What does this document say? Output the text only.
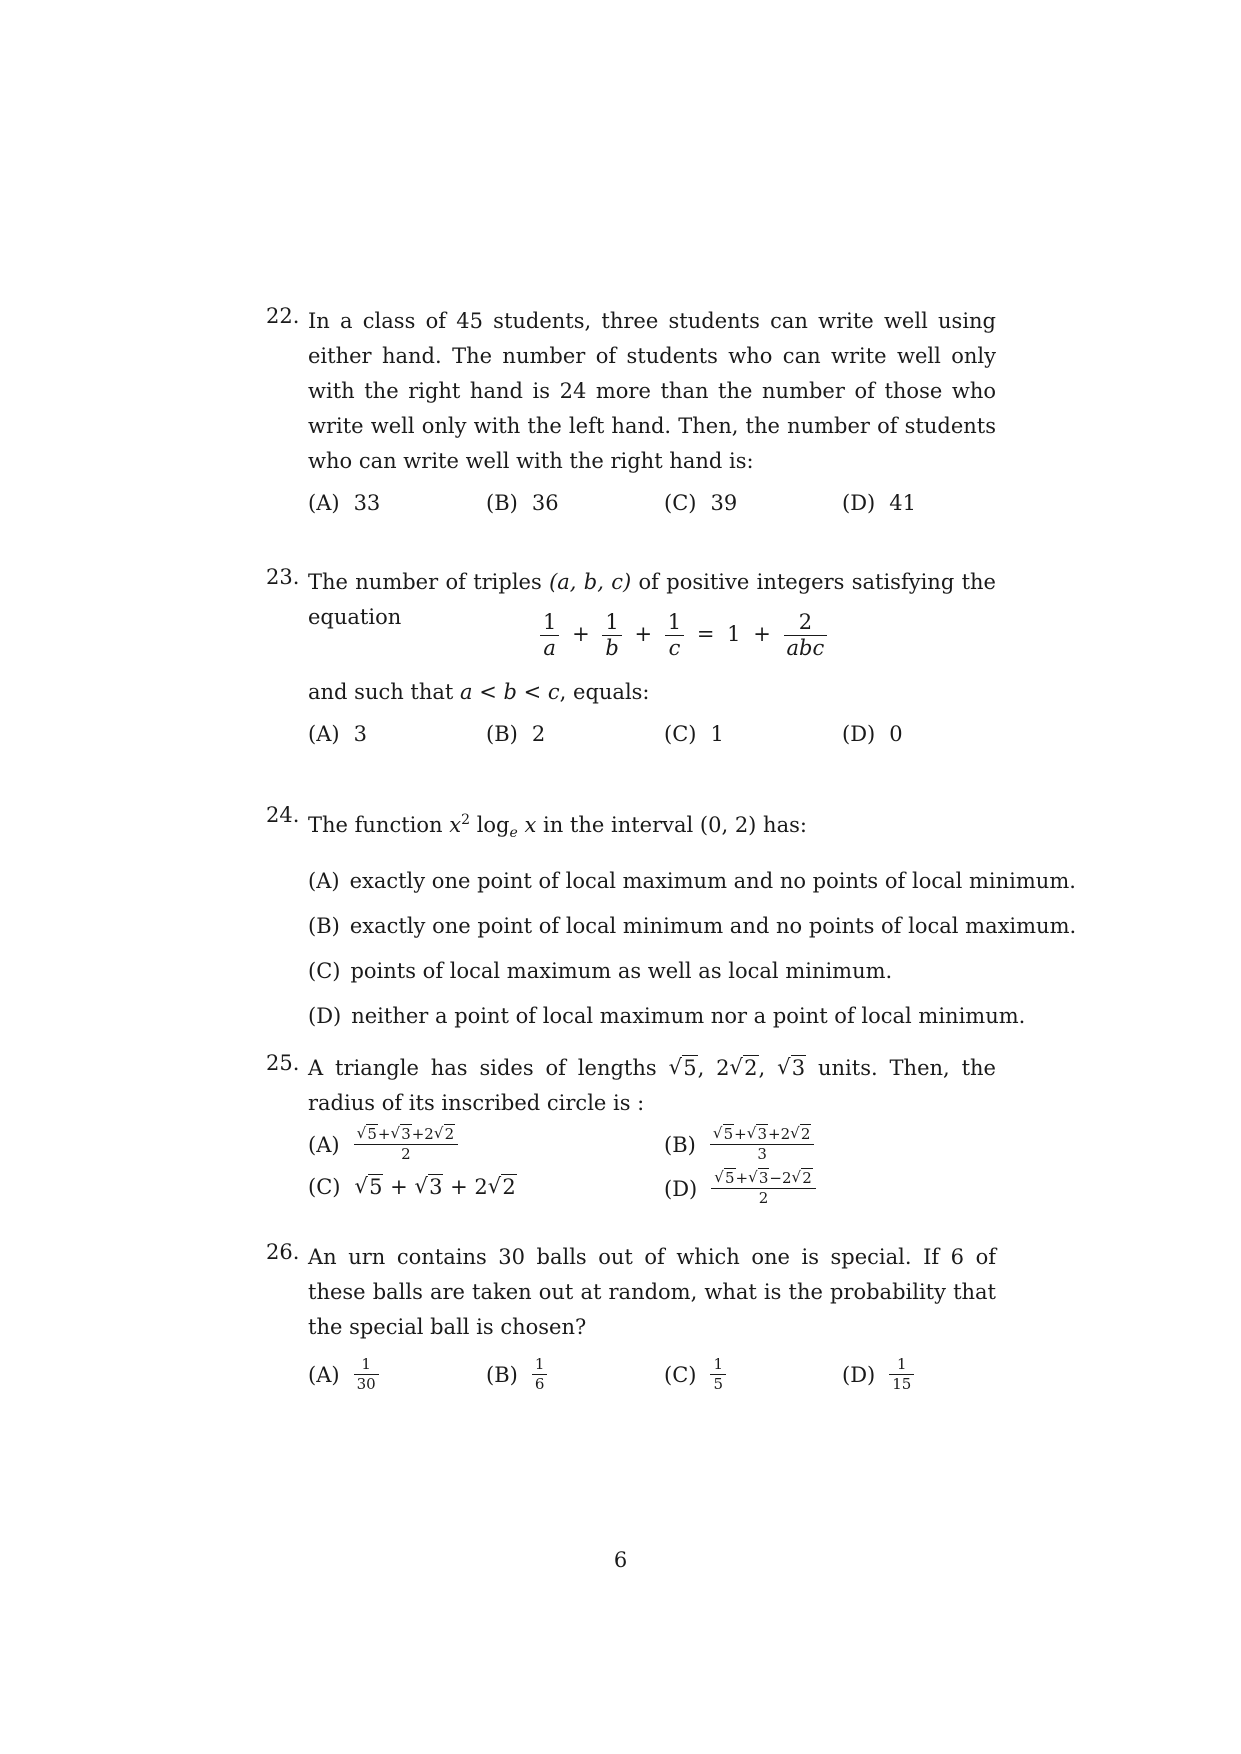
22. In a class of 45 students, three students can write well using either hand. The number of students who can write well only with the right hand is 24 more than the number of those who write well only with the left hand. Then, the number of students who can write well with the right hand is:
(A) 33	(B) 36	(C) 39	(D) 41
23. The number of triples (a, b, c) of positive integers satisfying the equation
and such that a < b < c, equals:
(A) 3	(B) 2	(C) 1	(D) 0
$\frac{1}{a} + \frac{1}{b} + \frac{1}{c} = 1 + \frac{2}{\text{abc}}$
24. The function $x^2$ $\log_e x$ in the interval (0, 2) has:
(A) exactly one point of local maximum and no points of local minimum.
(B) exactly one point of local minimum and no points of local maximum.
(C) points of local maximum as well as local minimum.
(D) neither a point of local maximum nor a point of local minimum.
25. A triangle has sides of lengths √ 5, 2 √ 2, √ 3 units. Then, the radius of its inscribed circle is :
(A) √ $\frac{5+ √ 3+2 √ 2}{2}$	(B) √ $\frac{5+ √ 3+2 √ 2}{3}$
(C) √ 5 + √ 3 + 2 √ 2	(D) √ $\frac{5+ √ 3-2 √ 2}{2}$
26. An urn contains 30 balls out of which one is special. If 6 of these balls are taken out at random, what is the probability that the special ball is chosen?
$(A) \frac{1}{30}$	$(B) \frac{1}{6}$	$(C) \frac{1}{5}$	$(D) \frac{1}{15}$
6
